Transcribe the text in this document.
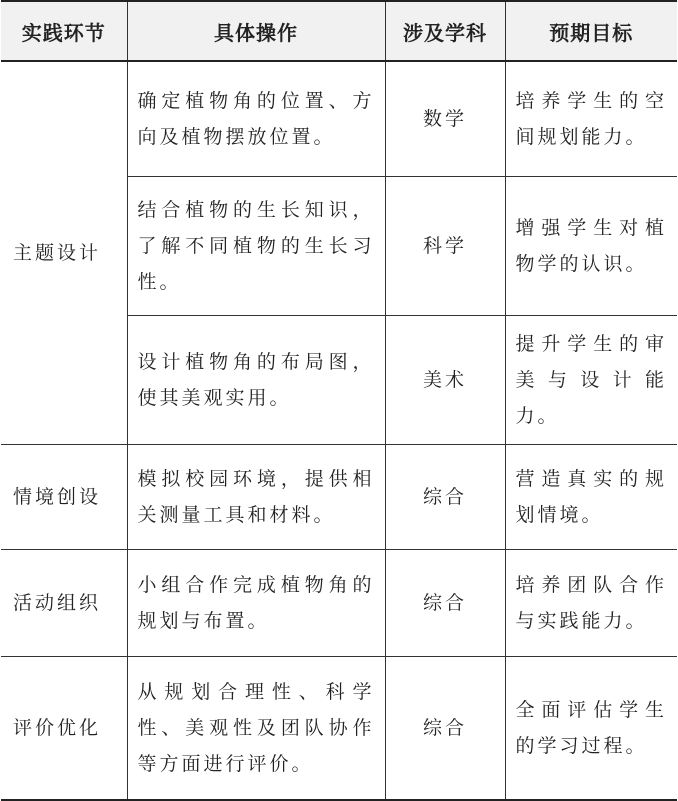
实践环节	具体操作	涉及学科	预期目标

主题设计	确定植物角的位置、方向及植物摆放位置。	数学	培养学生的空间规划能力。

	结合植物的生长知识，了解不同植物的生长习性。	科学	增强学生对植物学的认识。

	设计植物角的布局图，使其美观实用。	美术	提升学生的审美与设计能力。

情境创设	模拟校园环境，提供相关测量工具和材料。	综合	营造真实的规划情境。

活动组织	小组合作完成植物角的规划与布置。	综合	培养团队合作与实践能力。

评价优化	从规划合理性、科学性、美观性及团队协作等方面进行评价。	综合	全面评估学生的学习过程。
